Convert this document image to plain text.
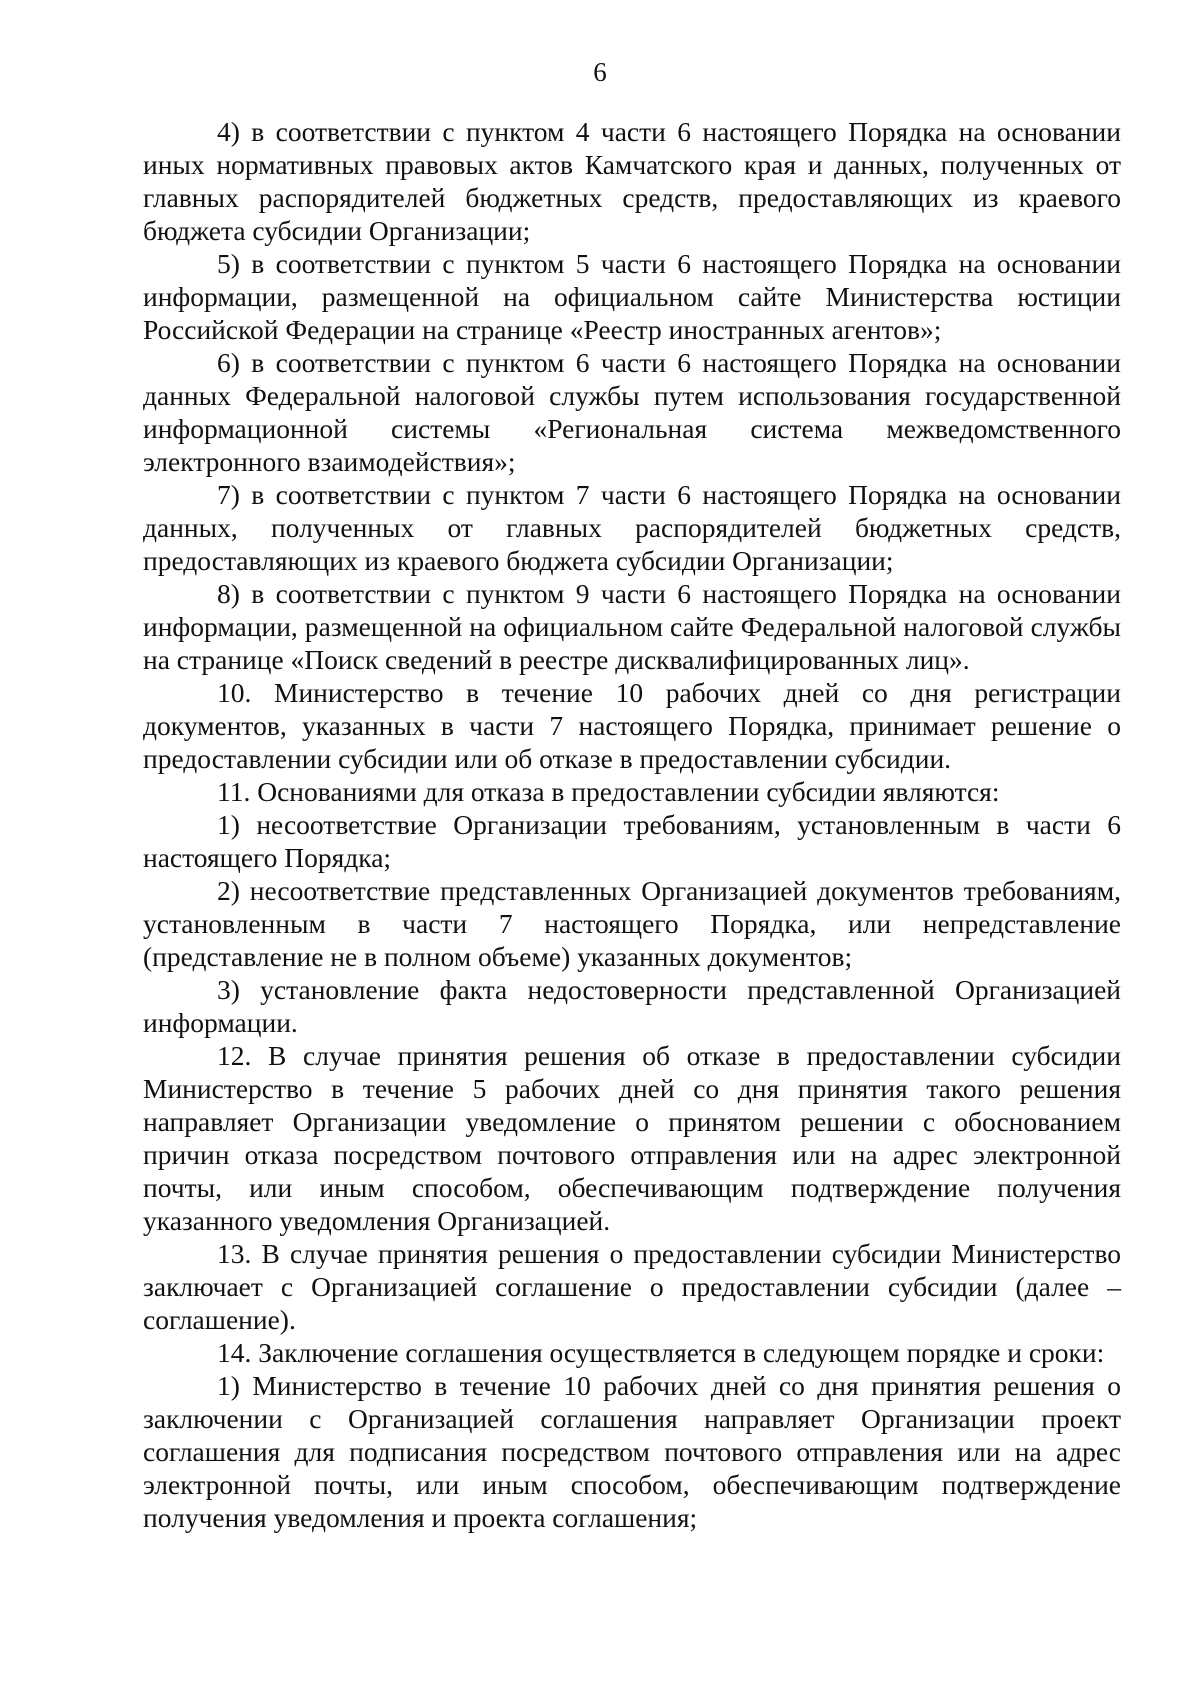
6

4) в соответствии с пунктом 4 части 6 настоящего Порядка на основании иных нормативных правовых актов Камчатского края и данных, полученных от главных распорядителей бюджетных средств, предоставляющих из краевого бюджета субсидии Организации;

5) в соответствии с пунктом 5 части 6 настоящего Порядка на основании информации, размещенной на официальном сайте Министерства юстиции Российской Федерации на странице «Реестр иностранных агентов»;

6) в соответствии с пунктом 6 части 6 настоящего Порядка на основании данных Федеральной налоговой службы путем использования государственной информационной системы «Региональная система межведомственного электронного взаимодействия»;

7) в соответствии с пунктом 7 части 6 настоящего Порядка на основании данных, полученных от главных распорядителей бюджетных средств, предоставляющих из краевого бюджета субсидии Организации;

8) в соответствии с пунктом 9 части 6 настоящего Порядка на основании информации, размещенной на официальном сайте Федеральной налоговой службы на странице «Поиск сведений в реестре дисквалифицированных лиц».

10. Министерство в течение 10 рабочих дней со дня регистрации документов, указанных в части 7 настоящего Порядка, принимает решение о предоставлении субсидии или об отказе в предоставлении субсидии.

11. Основаниями для отказа в предоставлении субсидии являются:

1) несоответствие Организации требованиям, установленным в части 6 настоящего Порядка;

2) несоответствие представленных Организацией документов требованиям, установленным в части 7 настоящего Порядка, или непредставление (представление не в полном объеме) указанных документов;

3) установление факта недостоверности представленной Организацией информации.

12. В случае принятия решения об отказе в предоставлении субсидии Министерство в течение 5 рабочих дней со дня принятия такого решения направляет Организации уведомление о принятом решении с обоснованием причин отказа посредством почтового отправления или на адрес электронной почты, или иным способом, обеспечивающим подтверждение получения указанного уведомления Организацией.

13. В случае принятия решения о предоставлении субсидии Министерство заключает с Организацией соглашение о предоставлении субсидии (далее – соглашение).

14. Заключение соглашения осуществляется в следующем порядке и сроки:

1) Министерство в течение 10 рабочих дней со дня принятия решения о заключении с Организацией соглашения направляет Организации проект соглашения для подписания посредством почтового отправления или на адрес электронной почты, или иным способом, обеспечивающим подтверждение получения уведомления и проекта соглашения;
